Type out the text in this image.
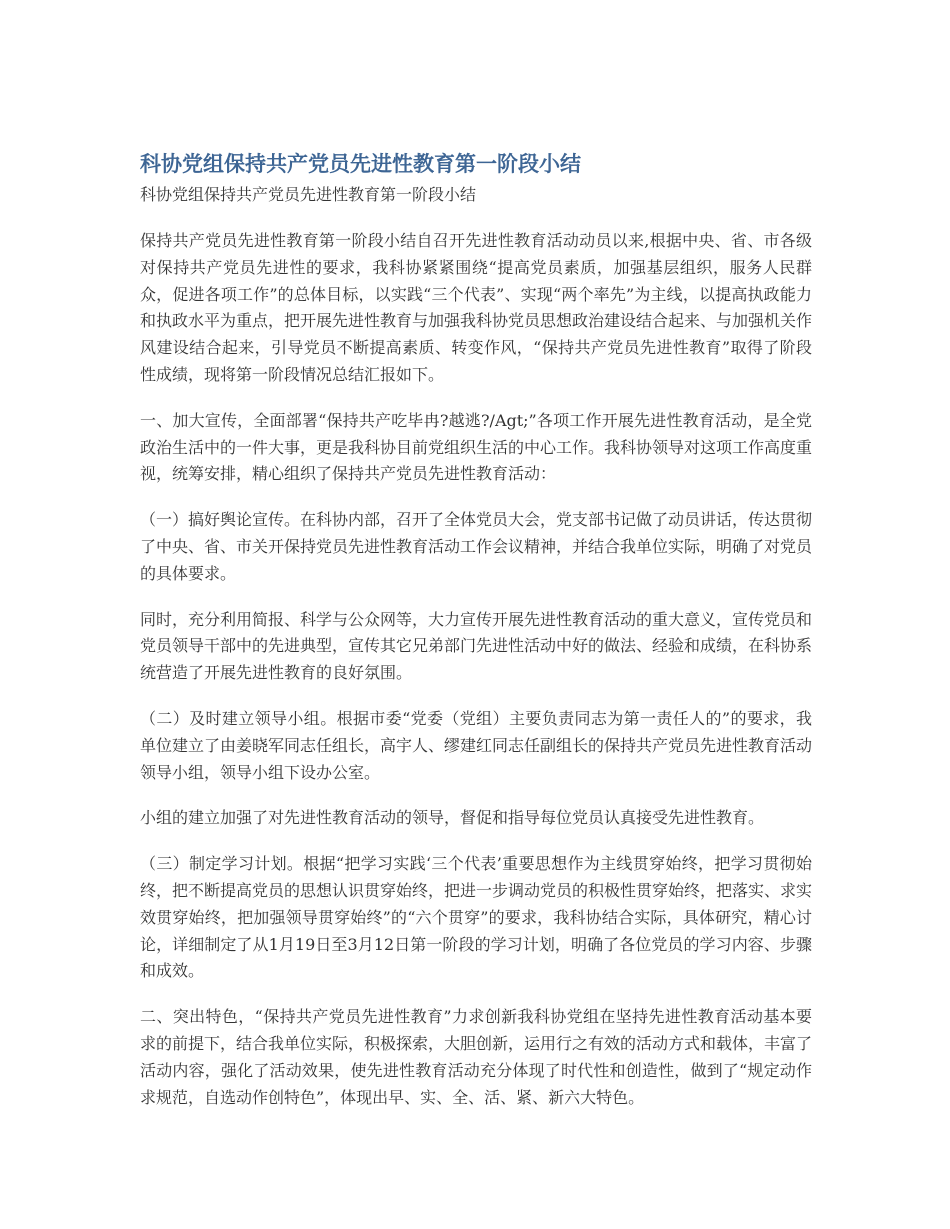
科协党组保持共产党员先进性教育第一阶段小结
科协党组保持共产党员先进性教育第一阶段小结

保持共产党员先进性教育第一阶段小结自召开先进性教育活动动员以来,根据中央、省、市各级对保持共产党员先进性的要求，我科协紧紧围绕“提高党员素质，加强基层组织，服务人民群众，促进各项工作”的总体目标，以实践“三个代表”、实现“两个率先”为主线，以提高执政能力和执政水平为重点，把开展先进性教育与加强我科协党员思想政治建设结合起来、与加强机关作风建设结合起来，引导党员不断提高素质、转变作风，“保持共产党员先进性教育”取得了阶段性成绩，现将第一阶段情况总结汇报如下。

一、加大宣传，全面部署“保持共产吃毕冉?越逃?/Agt;”各项工作开展先进性教育活动，是全党政治生活中的一件大事，更是我科协目前党组织生活的中心工作。我科协领导对这项工作高度重视，统筹安排，精心组织了保持共产党员先进性教育活动：

（一）搞好舆论宣传。在科协内部，召开了全体党员大会，党支部书记做了动员讲话，传达贯彻了中央、省、市关开保持党员先进性教育活动工作会议精神，并结合我单位实际，明确了对党员的具体要求。

同时，充分利用简报、科学与公众网等，大力宣传开展先进性教育活动的重大意义，宣传党员和党员领导干部中的先进典型，宣传其它兄弟部门先进性活动中好的做法、经验和成绩，在科协系统营造了开展先进性教育的良好氛围。

（二）及时建立领导小组。根据市委“党委（党组）主要负责同志为第一责任人的”的要求，我单位建立了由姜晓军同志任组长，高宇人、缪建红同志任副组长的保持共产党员先进性教育活动领导小组，领导小组下设办公室。

小组的建立加强了对先进性教育活动的领导，督促和指导每位党员认真接受先进性教育。

（三）制定学习计划。根据“把学习实践‘三个代表’重要思想作为主线贯穿始终，把学习贯彻始终，把不断提高党员的思想认识贯穿始终，把进一步调动党员的积极性贯穿始终，把落实、求实效贯穿始终，把加强领导贯穿始终”的“六个贯穿”的要求，我科协结合实际，具体研究，精心讨论，详细制定了从1月19日至3月12日第一阶段的学习计划，明确了各位党员的学习内容、步骤和成效。

二、突出特色，“保持共产党员先进性教育”力求创新我科协党组在坚持先进性教育活动基本要求的前提下，结合我单位实际，积极探索，大胆创新，运用行之有效的活动方式和载体，丰富了活动内容，强化了活动效果，使先进性教育活动充分体现了时代性和创造性，做到了“规定动作求规范，自选动作创特色”，体现出早、实、全、活、紧、新六大特色。
